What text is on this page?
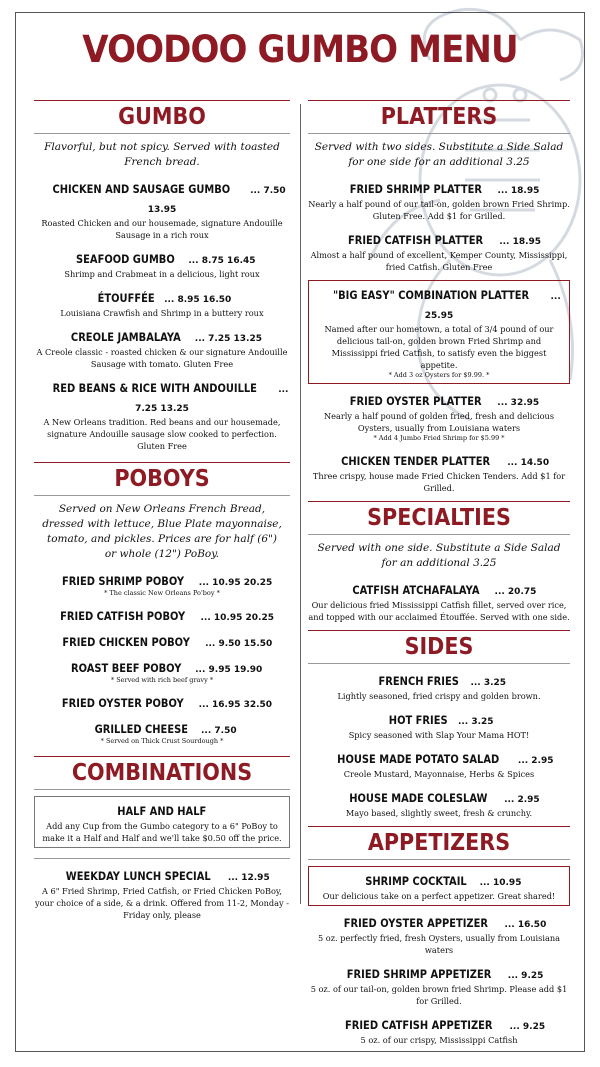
VOODOO GUMBO MENU
GUMBO
Flavorful, but not spicy. Served with toasted French bread.
CHICKEN AND SAUSAGE GUMBO ... 7.50 13.95
Roasted Chicken and our housemade, signature Andouille Sausage in a rich roux
SEAFOOD GUMBO ... 8.75 16.45
Shrimp and Crabmeat in a delicious, light roux
ÉTOUFFÉE ... 8.95 16.50
Louisiana Crawfish and Shrimp in a buttery roux
CREOLE JAMBALAYA ... 7.25 13.25
A Creole classic - roasted chicken & our signature Andouille Sausage with tomato. Gluten Free
RED BEANS & RICE WITH ANDOUILLE ... 7.25 13.25
A New Orleans tradition. Red beans and our housemade, signature Andouille sausage slow cooked to perfection. Gluten Free
POBOYS
Served on New Orleans French Bread, dressed with lettuce, Blue Plate mayonnaise, tomato, and pickles. Prices are for half (6") or whole (12") PoBoy.
FRIED SHRIMP POBOY ... 10.95 20.25
* The classic New Orleans Po'boy *
FRIED CATFISH POBOY ... 10.95 20.25
FRIED CHICKEN POBOY ... 9.50 15.50
ROAST BEEF POBOY ... 9.95 19.90
* Served with rich beef gravy *
FRIED OYSTER POBOY ... 16.95 32.50
GRILLED CHEESE ... 7.50
* Served on Thick Crust Sourdough *
COMBINATIONS
HALF AND HALF
Add any Cup from the Gumbo category to a 6" PoBoy to make it a Half and Half and we'll take $0.50 off the price.
WEEKDAY LUNCH SPECIAL ... 12.95
A 6" Fried Shrimp, Fried Catfish, or Fried Chicken PoBoy, your choice of a side, & a drink. Offered from 11-2, Monday - Friday only, please
PLATTERS
Served with two sides. Substitute a Side Salad for one side for an additional 3.25
FRIED SHRIMP PLATTER ... 18.95
Nearly a half pound of our tail-on, golden brown Fried Shrimp. Gluten Free. Add $1 for Grilled.
FRIED CATFISH PLATTER ... 18.95
Almost a half pound of excellent, Kemper County, Mississippi, fried Catfish. Gluten Free
"BIG EASY" COMBINATION PLATTER ... 25.95
Named after our hometown, a total of 3/4 pound of our delicious tail-on, golden brown Fried Shrimp and Mississippi fried Catfish, to satisfy even the biggest appetite.
* Add 3 oz Oysters for $9.99. *
FRIED OYSTER PLATTER ... 32.95
Nearly a half pound of golden fried, fresh and delicious Oysters, usually from Louisiana waters
* Add 4 Jumbo Fried Shrimp for $5.99 *
CHICKEN TENDER PLATTER ... 14.50
Three crispy, house made Fried Chicken Tenders. Add $1 for Grilled.
SPECIALTIES
Served with one side. Substitute a Side Salad for an additional 3.25
CATFISH ATCHAFALAYA ... 20.75
Our delicious fried Mississippi Catfish fillet, served over rice, and topped with our acclaimed Étouffée. Served with one side.
SIDES
FRENCH FRIES ... 3.25
Lightly seasoned, fried crispy and golden brown.
HOT FRIES ... 3.25
Spicy seasoned with Slap Your Mama HOT!
HOUSE MADE POTATO SALAD ... 2.95
Creole Mustard, Mayonnaise, Herbs & Spices
HOUSE MADE COLESLAW ... 2.95
Mayo based, slightly sweet, fresh & crunchy.
APPETIZERS
SHRIMP COCKTAIL ... 10.95
Our delicious take on a perfect appetizer. Great shared!
FRIED OYSTER APPETIZER ... 16.50
5 oz. perfectly fried, fresh Oysters, usually from Louisiana waters
FRIED SHRIMP APPETIZER ... 9.25
5 oz. of our tail-on, golden brown fried Shrimp. Please add $1 for Grilled.
FRIED CATFISH APPETIZER ... 9.25
5 oz. of our crispy, Mississippi Catfish
